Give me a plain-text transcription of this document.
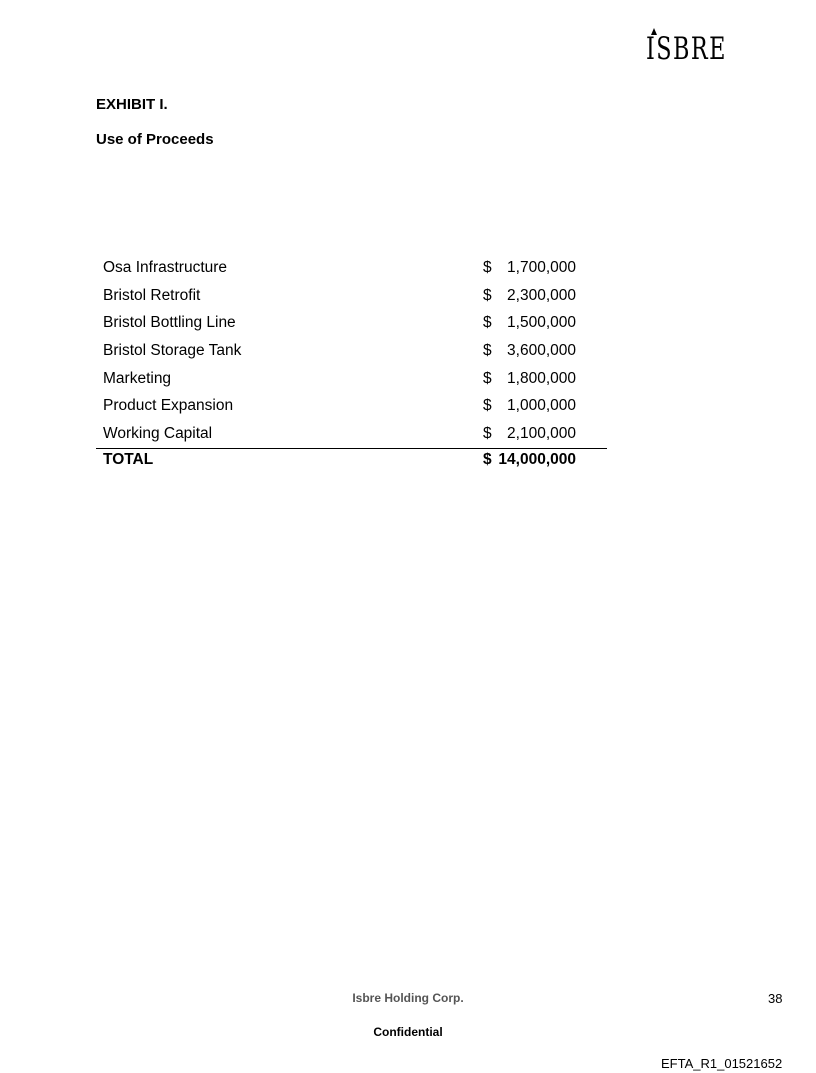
ISBRE
EXHIBIT I.
Use of Proceeds
Osa Infrastructure	$ 1,700,000
Bristol Retrofit	$ 2,300,000
Bristol Bottling Line	$ 1,500,000
Bristol Storage Tank	$ 3,600,000
Marketing	$ 1,800,000
Product Expansion	$ 1,000,000
Working Capital	$ 2,100,000
TOTAL	$ 14,000,000
Isbre Holding Corp.	38
Confidential
EFTA_R1_01521652
